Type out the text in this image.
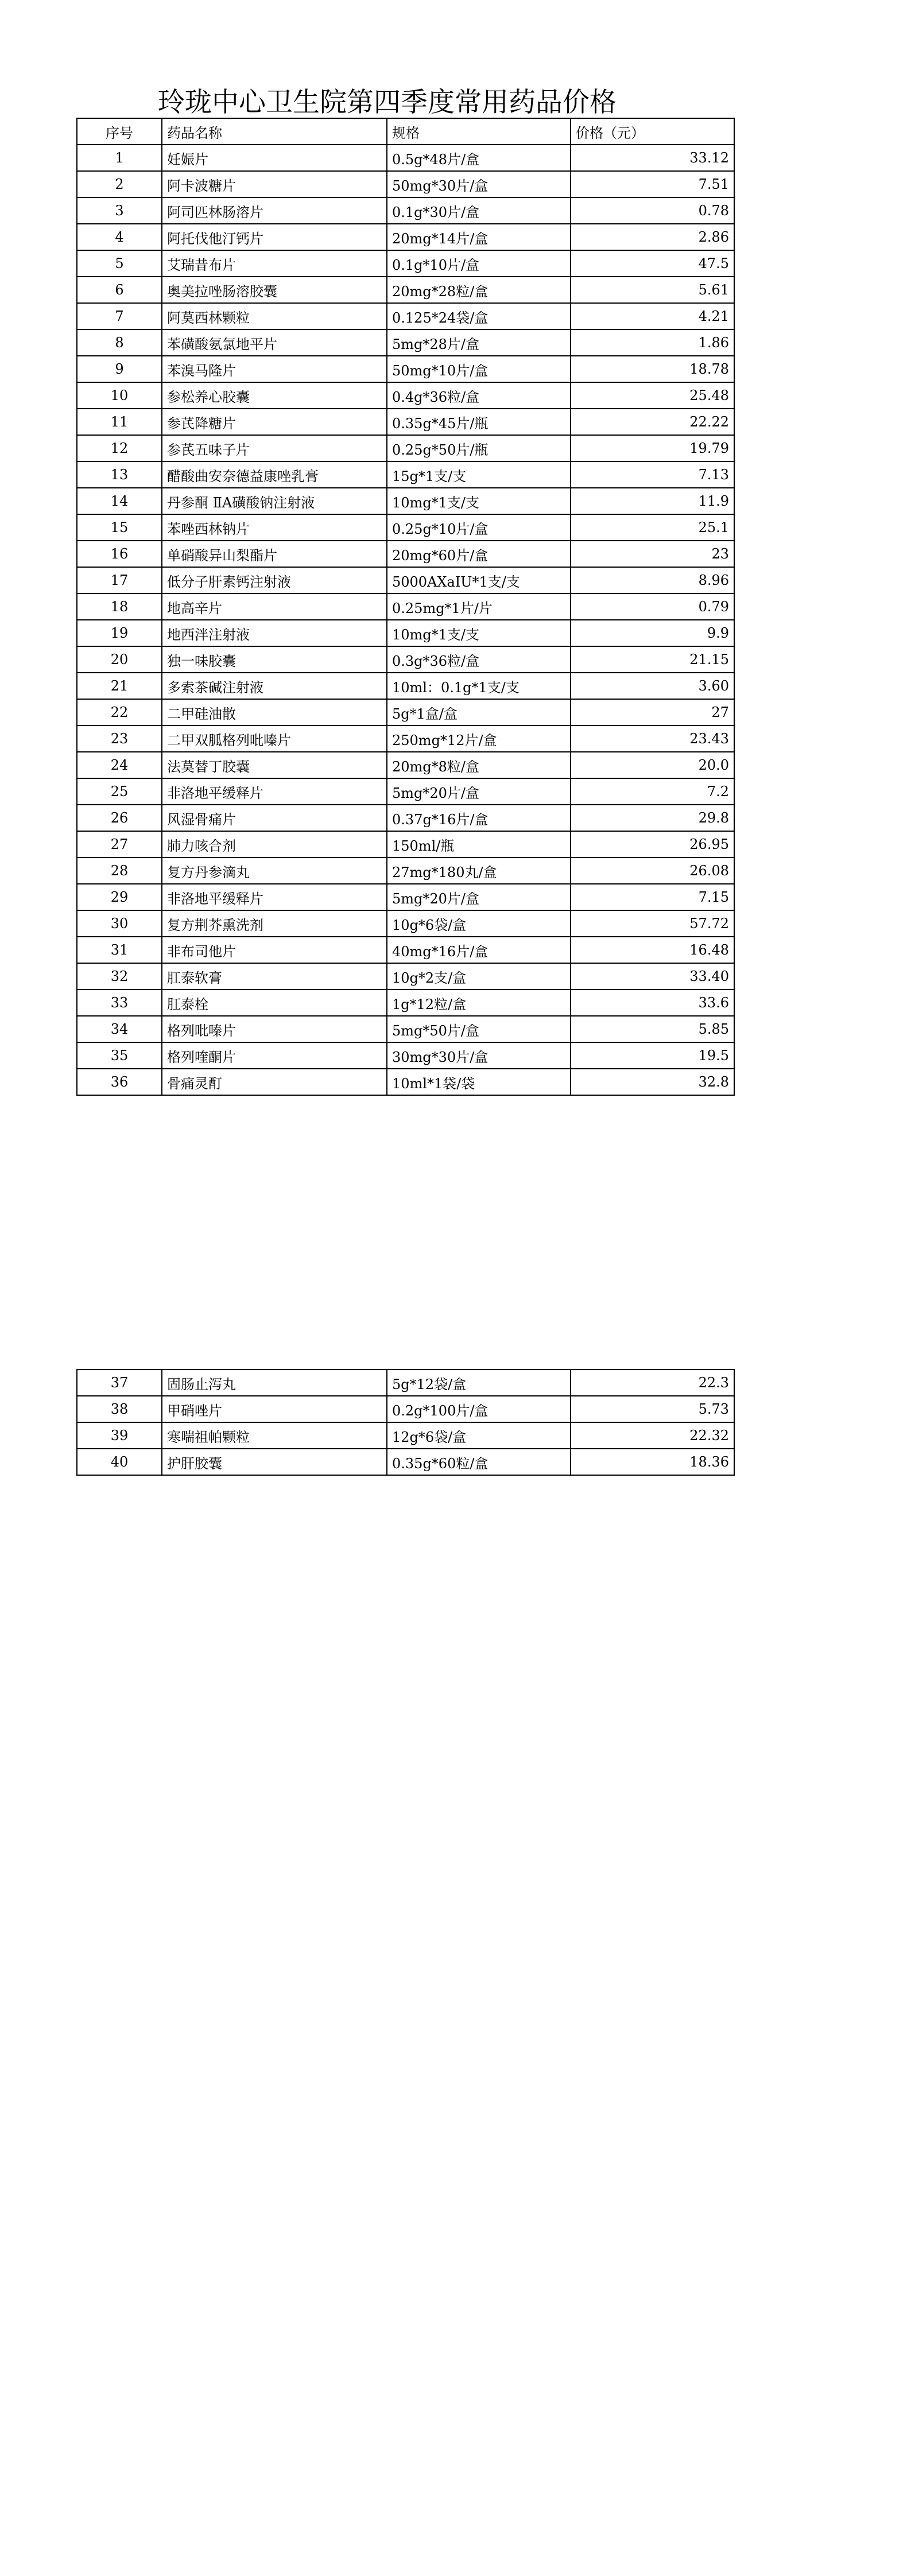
玲珑中心卫生院第四季度常用药品价格
序号	药品名称	规格	价格（元）
1	妊娠片	0.5g*48片/盒	33.12
2	阿卡波糖片	50mg*30片/盒	7.51
3	阿司匹林肠溶片	0.1g*30片/盒	0.78
4	阿托伐他汀钙片	20mg*14片/盒	2.86
5	艾瑞昔布片	0.1g*10片/盒	47.5
6	奥美拉唑肠溶胶囊	20mg*28粒/盒	5.61
7	阿莫西林颗粒	0.125*24袋/盒	4.21
8	苯磺酸氨氯地平片	5mg*28片/盒	1.86
9	苯溴马隆片	50mg*10片/盒	18.78
10	参松养心胶囊	0.4g*36粒/盒	25.48
11	参芪降糖片	0.35g*45片/瓶	22.22
12	参芪五味子片	0.25g*50片/瓶	19.79
13	醋酸曲安奈德益康唑乳膏	15g*1支/支	7.13
14	丹参酮 ⅡA磺酸钠注射液	10mg*1支/支	11.9
15	苯唑西林钠片	0.25g*10片/盒	25.1
16	单硝酸异山梨酯片	20mg*60片/盒	23
17	低分子肝素钙注射液	5000AXaIU*1支/支	8.96
18	地高辛片	0.25mg*1片/片	0.79
19	地西泮注射液	10mg*1支/支	9.9
20	独一味胶囊	0.3g*36粒/盒	21.15
21	多索茶碱注射液	10ml：0.1g*1支/支	3.60
22	二甲硅油散	5g*1盒/盒	27
23	二甲双胍格列吡嗪片	250mg*12片/盒	23.43
24	法莫替丁胶囊	20mg*8粒/盒	20.0
25	非洛地平缓释片	5mg*20片/盒	7.2
26	风湿骨痛片	0.37g*16片/盒	29.8
27	肺力咳合剂	150ml/瓶	26.95
28	复方丹参滴丸	27mg*180丸/盒	26.08
29	非洛地平缓释片	5mg*20片/盒	7.15
30	复方荆芥熏洗剂	10g*6袋/盒	57.72
31	非布司他片	40mg*16片/盒	16.48
32	肛泰软膏	10g*2支/盒	33.40
33	肛泰栓	1g*12粒/盒	33.6
34	格列吡嗪片	5mg*50片/盒	5.85
35	格列喹酮片	30mg*30片/盒	19.5
36	骨痛灵酊	10ml*1袋/袋	32.8
37	固肠止泻丸	5g*12袋/盒	22.3
38	甲硝唑片	0.2g*100片/盒	5.73
39	寒喘祖帕颗粒	12g*6袋/盒	22.32
40	护肝胶囊	0.35g*60粒/盒	18.36
